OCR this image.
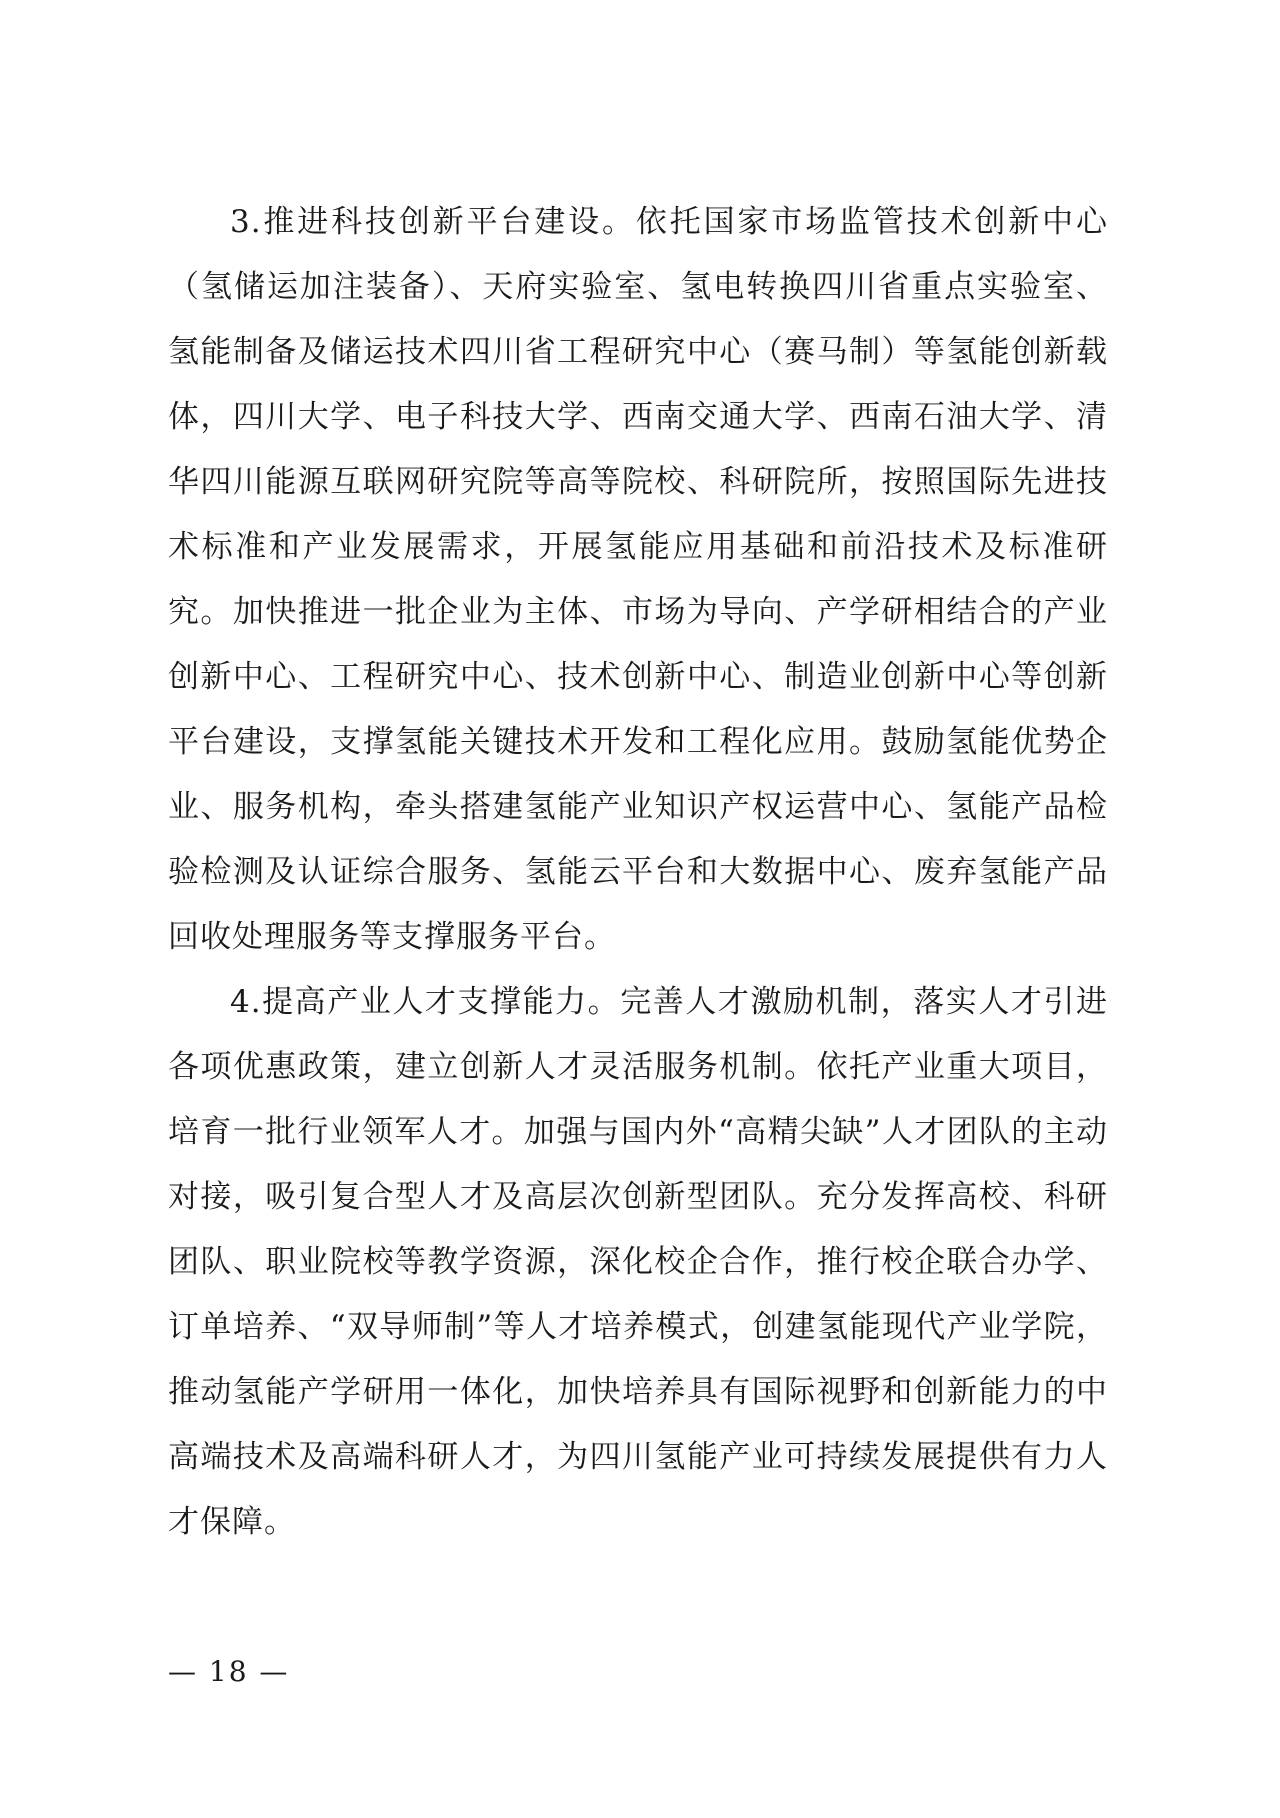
3.推进科技创新平台建设。依托国家市场监管技术创新中心（氢储运加注装备）、天府实验室、氢电转换四川省重点实验室、氢能制备及储运技术四川省工程研究中心（赛马制）等氢能创新载体，四川大学、电子科技大学、西南交通大学、西南石油大学、清华四川能源互联网研究院等高等院校、科研院所，按照国际先进技术标准和产业发展需求，开展氢能应用基础和前沿技术及标准研究。加快推进一批企业为主体、市场为导向、产学研相结合的产业创新中心、工程研究中心、技术创新中心、制造业创新中心等创新平台建设，支撑氢能关键技术开发和工程化应用。鼓励氢能优势企业、服务机构，牵头搭建氢能产业知识产权运营中心、氢能产品检验检测及认证综合服务、氢能云平台和大数据中心、废弃氢能产品回收处理服务等支撑服务平台。

4.提高产业人才支撑能力。完善人才激励机制，落实人才引进各项优惠政策，建立创新人才灵活服务机制。依托产业重大项目，培育一批行业领军人才。加强与国内外“高精尖缺”人才团队的主动对接，吸引复合型人才及高层次创新型团队。充分发挥高校、科研团队、职业院校等教学资源，深化校企合作，推行校企联合办学、订单培养、“双导师制”等人才培养模式，创建氢能现代产业学院，推动氢能产学研用一体化，加快培养具有国际视野和创新能力的中高端技术及高端科研人才，为四川氢能产业可持续发展提供有力人才保障。

— 18 —
